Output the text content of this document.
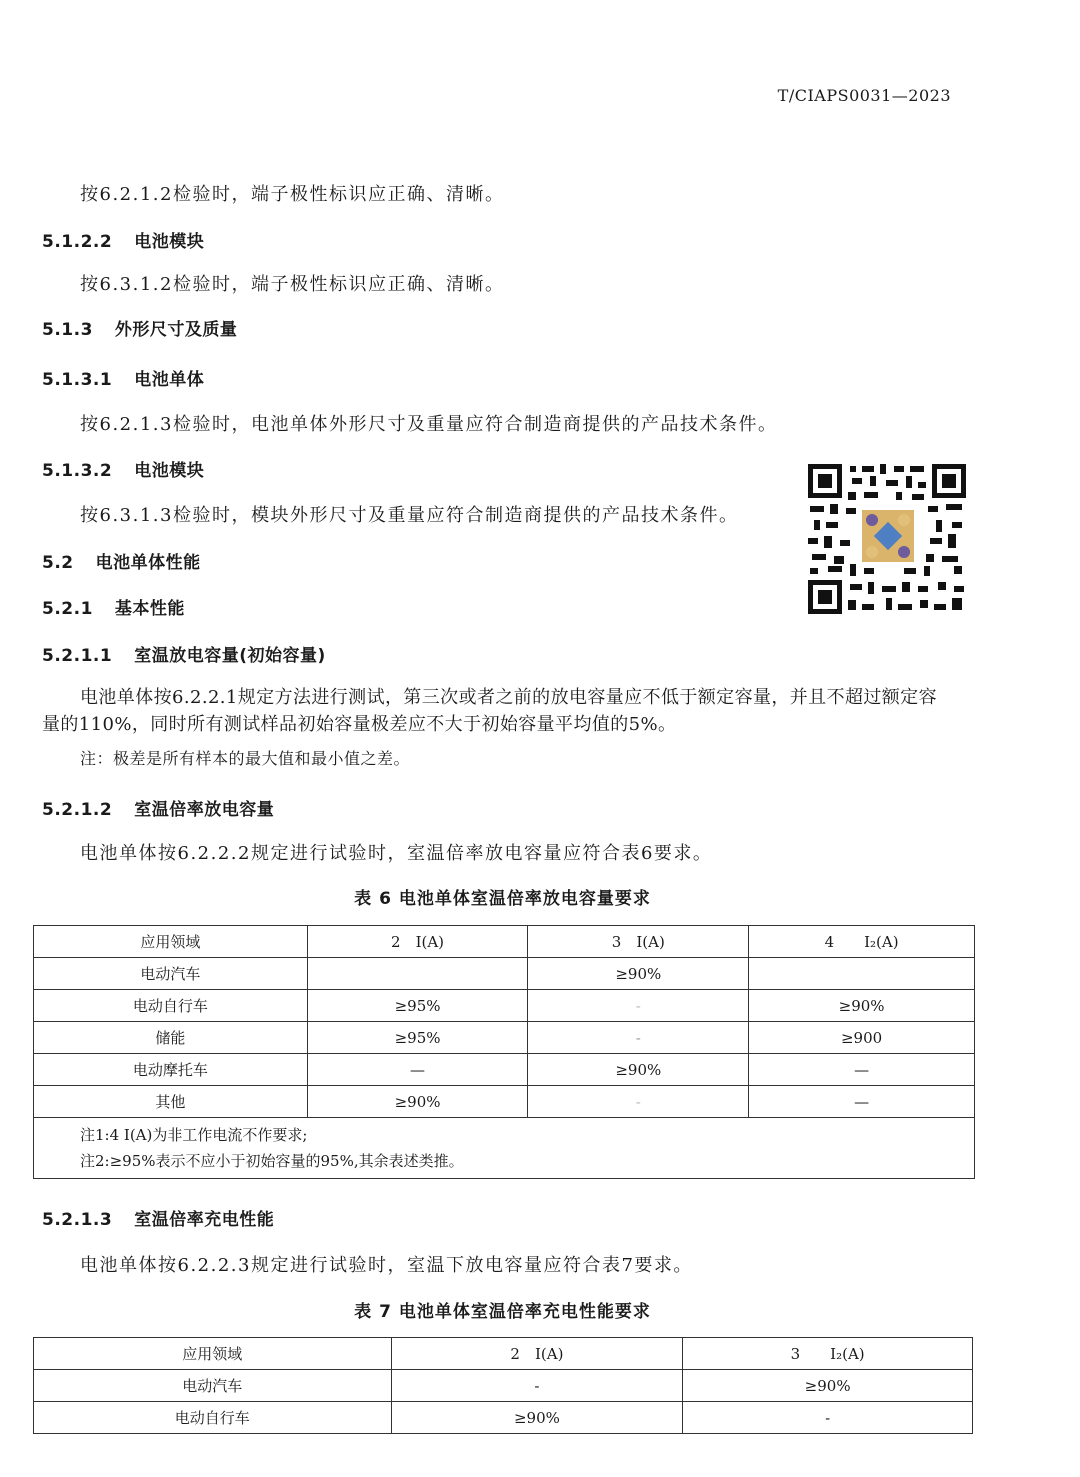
T/CIAPS0031—2023
按6.2.1.2检验时，端子极性标识应正确、清晰。
5.1.2.2 电池模块
按6.3.1.2检验时，端子极性标识应正确、清晰。
5.1.3 外形尺寸及质量
5.1.3.1 电池单体
按6.2.1.3检验时，电池单体外形尺寸及重量应符合制造商提供的产品技术条件。
5.1.3.2 电池模块
按6.3.1.3检验时，模块外形尺寸及重量应符合制造商提供的产品技术条件。
5.2 电池单体性能
5.2.1 基本性能
5.2.1.1 室温放电容量(初始容量)
电池单体按6.2.2.1规定方法进行测试，第三次或者之前的放电容量应不低于额定容量，并且不超过额定容量的110%，同时所有测试样品初始容量极差应不大于初始容量平均值的5%。
注：极差是所有样本的最大值和最小值之差。
5.2.1.2 室温倍率放电容量
电池单体按6.2.2.2规定进行试验时，室温倍率放电容量应符合表6要求。
表 6 电池单体室温倍率放电容量要求
应用领域	2　I(A)	3　I(A)	4　　I₂(A)
电动汽车		≥90%	
电动自行车	≥95%	-	≥90%
储能	≥95%	-	≥900
电动摩托车	—	≥90%	—
其他	≥90%	-	—

注1:4 I(A)为非工作电流不作要求;
注2:≥95%表示不应小于初始容量的95%,其余表述类推。			
5.2.1.3 室温倍率充电性能
电池单体按6.2.2.3规定进行试验时，室温下放电容量应符合表7要求。
表 7 电池单体室温倍率充电性能要求
应用领域	2　I(A)	3　　I₂(A)
电动汽车	-	≥90%
电动自行车	≥90%	-
